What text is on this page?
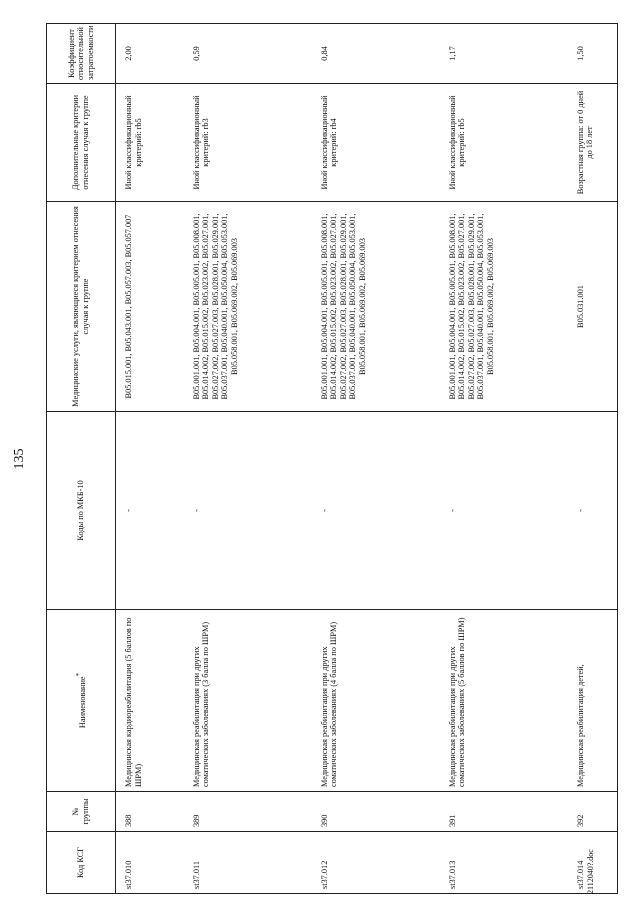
135
Код КСГ	№ группы	Наименование*	Коды по МКБ-10	Медицинские услуги, являющиеся критерием отнесения случая к группе	Дополнительные критерии отнесения случая к группе	Коэффициент относительной затратоемкости
st37.010	388	Медицинская кардиореабилитация (5 баллов по ШРМ)	-	B05.015.001, B05.043.001, B05.057.003, B05.057.007	Иной классификационный критерий: rb5	2,00
st37.011	389	Медицинская реабилитация при других соматических заболеваниях (3 балла по ШРМ)	-	B05.001.001, B05.004.001, B05.005.001, B05.008.001, B05.014.002, B05.015.002, B05.023.002, B05.027.001, B05.027.002, B05.027.003, B05.028.001, B05.029.001, B05.037.001, B05.040.001, B05.050.004, B05.053.001, B05.058.001, B05.069.002, B05.069.003	Иной классификационный критерий: rb3	0,59
st37.012	390	Медицинская реабилитация при других соматических заболеваниях (4 балла по ШРМ)	-	B05.001.001, B05.004.001, B05.005.001, B05.008.001, B05.014.002, B05.015.002, B05.023.002, B05.027.001, B05.027.002, B05.027.003, B05.028.001, B05.029.001, B05.037.001, B05.040.001, B05.050.004, B05.053.001, B05.058.001, B05.069.002, B05.069.003	Иной классификационный критерий: rb4	0,84
st37.013	391	Медицинская реабилитация при других соматических заболеваниях (5 баллов по ШРМ)	-	B05.001.001, B05.004.001, B05.005.001, B05.008.001, B05.014.002, B05.015.002, B05.023.002, B05.027.001, B05.027.002, B05.027.003, B05.028.001, B05.029.001, B05.037.001, B05.040.001, B05.050.004, B05.053.001, B05.058.001, B05.069.002, B05.069.003	Иной классификационный критерий: rb5	1,17
st37.014	392	Медицинская реабилитация детей,	-	B05.031.001	Возрастная группа: от 0 дней до 18 лет	1,50
2112040?.doc
